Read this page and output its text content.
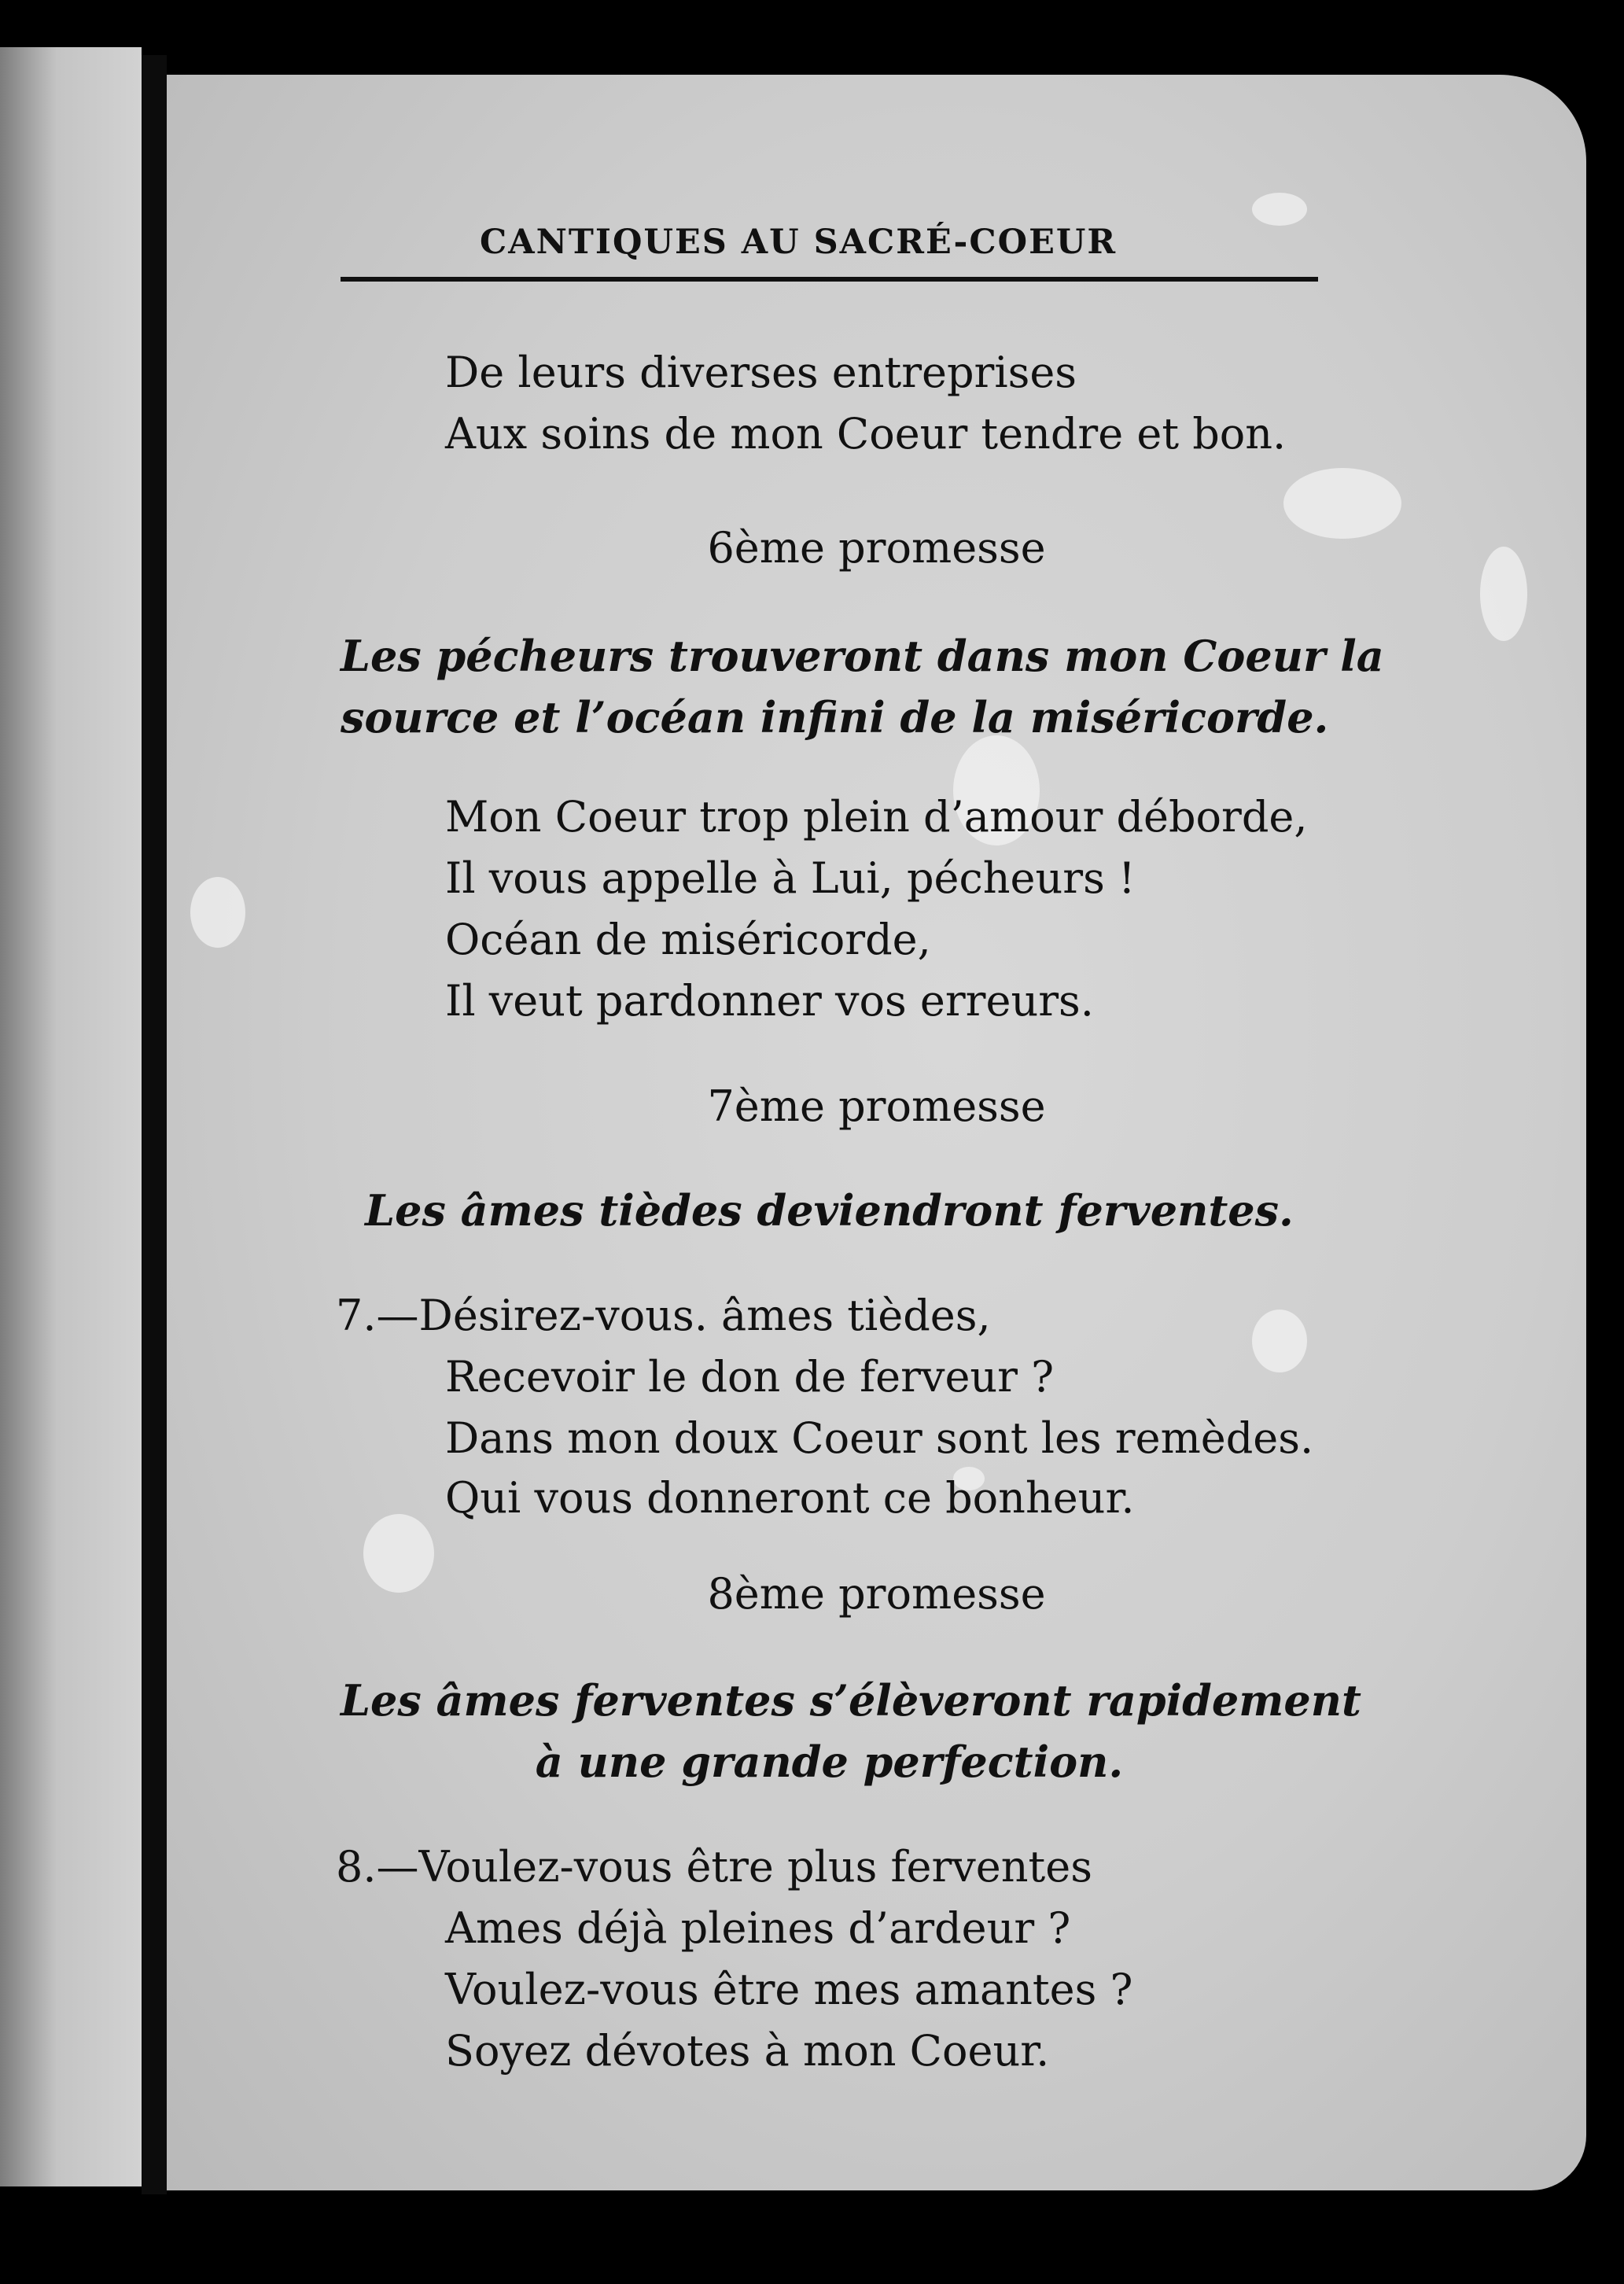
CANTIQUES AU SACRÉ-COEUR
De leurs diverses entreprises
Aux soins de mon Coeur tendre et bon.
6ème promesse
Les pécheurs trouveront dans mon Coeur la
source et l’océan infini de la miséricorde.
Mon Coeur trop plein d’amour déborde,
Il vous appelle à Lui, pécheurs !
Océan de miséricorde,
Il veut pardonner vos erreurs.
7ème promesse
Les âmes tièdes deviendront ferventes.
7.—Désirez-vous. âmes tièdes,
Recevoir le don de ferveur ?
Dans mon doux Coeur sont les remèdes.
Qui vous donneront ce bonheur.
8ème promesse
Les âmes ferventes s’élèveront rapidement
à une grande perfection.
8.—Voulez-vous être plus ferventes
Ames déjà pleines d’ardeur ?
Voulez-vous être mes amantes ?
Soyez dévotes à mon Coeur.
